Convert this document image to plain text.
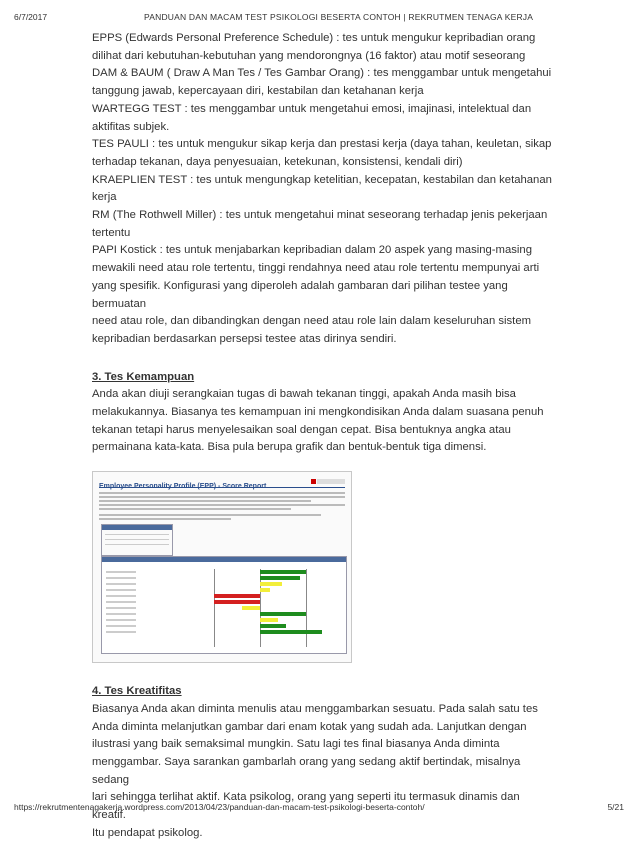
6/7/2017	PANDUAN DAN MACAM TEST PSIKOLOGI BESERTA CONTOH | REKRUTMEN TENAGA KERJA

EPPS (Edwards Personal Preference Schedule) : tes untuk mengukur kepribadian orang

dilihat dari kebutuhan-kebutuhan yang mendorongnya (16 faktor) atau motif seseorang

DAM & BAUM ( Draw A Man Tes / Tes Gambar Orang) : tes menggambar untuk mengetahui

tanggung jawab, kepercayaan diri, kestabilan dan ketahanan kerja

WARTEGG TEST : tes menggambar untuk mengetahui emosi, imajinasi, intelektual dan

aktifitas subjek.

TES PAULI : tes untuk mengukur sikap kerja dan prestasi kerja (daya tahan, keuletan, sikap

terhadap tekanan, daya penyesuaian, ketekunan, konsistensi, kendali diri)

KRAEPLIEN TEST : tes untuk mengungkap ketelitian, kecepatan, kestabilan dan ketahanan

kerja

RM (The Rothwell Miller) : tes untuk mengetahui minat seseorang terhadap jenis pekerjaan

tertentu

PAPI Kostick : tes untuk menjabarkan kepribadian dalam 20 aspek yang masing-masing

mewakili need atau role tertentu, tinggi rendahnya need atau role tertentu mempunyai arti

yang spesifik. Konfigurasi yang diperoleh adalah gambaran dari pilihan testee yang bermuatan

need atau role, dan dibandingkan dengan need atau role lain dalam keseluruhan sistem

kepribadian berdasarkan persepsi testee atas dirinya sendiri.

3. Tes Kemampuan

Anda akan diuji serangkaian tugas di bawah tekanan tinggi, apakah Anda masih bisa

melakukannya. Biasanya tes kemampuan ini mengkondisikan Anda dalam suasana penuh

tekanan tetapi harus menyelesaikan soal dengan cepat. Bisa bentuknya angka atau

permainana kata-kata. Bisa pula berupa grafik dan bentuk-bentuk tiga dimensi.

4. Tes Kreatifitas

Biasanya Anda akan diminta menulis atau menggambarkan sesuatu. Pada salah satu tes

Anda diminta melanjutkan gambar dari enam kotak yang sudah ada. Lanjutkan dengan

ilustrasi yang baik semaksimal mungkin. Satu lagi tes final biasanya Anda diminta

menggambar. Saya sarankan gambarlah orang yang sedang aktif bertindak, misalnya sedang

lari sehingga terlihat aktif. Kata psikolog, orang yang seperti itu termasuk dinamis dan kreatif.

Itu pendapat psikolog.

https://rekrutmentenagakerja.wordpress.com/2013/04/23/panduan-dan-macam-test-psikologi-beserta-contoh/	5/21
